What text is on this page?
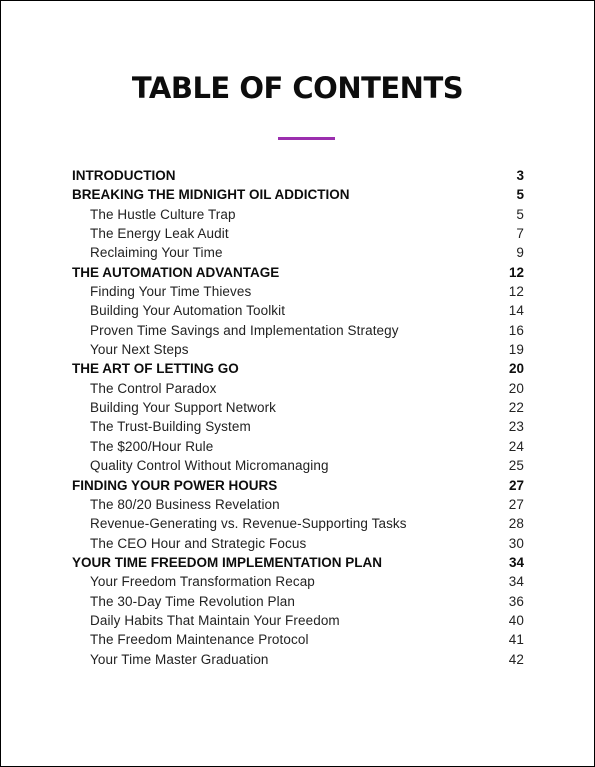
TABLE OF CONTENTS
INTRODUCTION	3
BREAKING THE MIDNIGHT OIL ADDICTION	5
The Hustle Culture Trap	5
The Energy Leak Audit	7
Reclaiming Your Time	9
THE AUTOMATION ADVANTAGE	12
Finding Your Time Thieves	12
Building Your Automation Toolkit	14
Proven Time Savings and Implementation Strategy	16
Your Next Steps	19
THE ART OF LETTING GO	20
The Control Paradox	20
Building Your Support Network	22
The Trust-Building System	23
The $200/Hour Rule	24
Quality Control Without Micromanaging	25
FINDING YOUR POWER HOURS	27
The 80/20 Business Revelation	27
Revenue-Generating vs. Revenue-Supporting Tasks	28
The CEO Hour and Strategic Focus	30
YOUR TIME FREEDOM IMPLEMENTATION PLAN	34
Your Freedom Transformation Recap	34
The 30-Day Time Revolution Plan	36
Daily Habits That Maintain Your Freedom	40
The Freedom Maintenance Protocol	41
Your Time Master Graduation	42
